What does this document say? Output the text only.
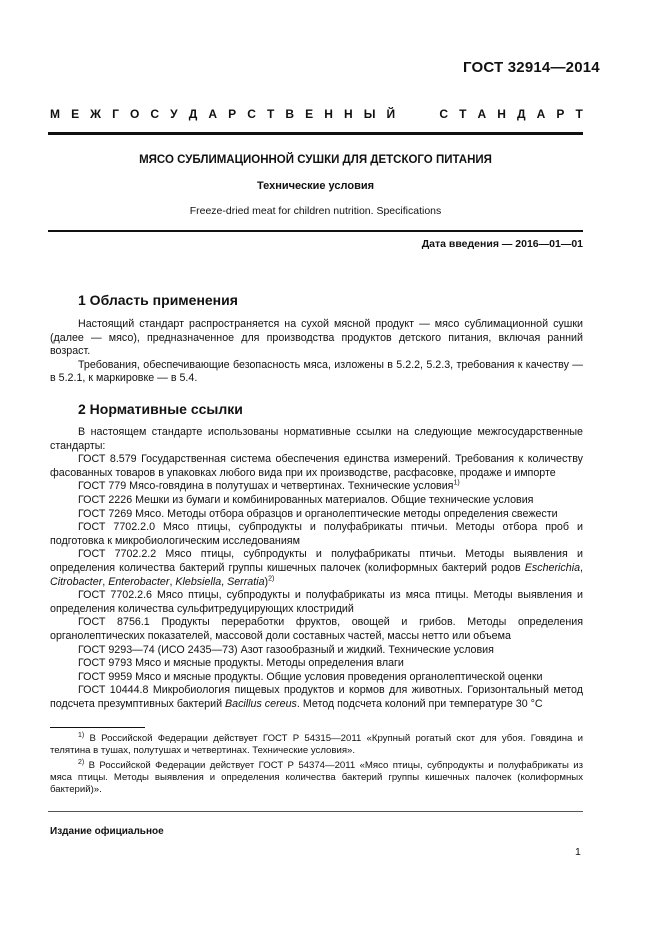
ГОСТ 32914—2014
М Е Ж Г О С У Д А Р С Т В Е Н Н Ы Й	С Т А Н Д А Р Т
МЯСО СУБЛИМАЦИОННОЙ СУШКИ ДЛЯ ДЕТСКОГО ПИТАНИЯ
Технические условия
Freeze-dried meat for children nutrition. Specifications
Дата введения — 2016—01—01
1 Область применения

Настоящий стандарт распространяется на сухой мясной продукт — мясо сублимационной сушки (далее — мясо), предназначенное для производства продуктов детского питания, включая ранний возраст.

Требования, обеспечивающие безопасность мяса, изложены в 5.2.2, 5.2.3, требования к качеству — в 5.2.1, к маркировке — в 5.4.

2 Нормативные ссылки

В настоящем стандарте использованы нормативные ссылки на следующие межгосударственные стандарты:

ГОСТ 8.579 Государственная система обеспечения единства измерений. Требования к количеству фасованных товаров в упаковках любого вида при их производстве, расфасовке, продаже и импорте

ГОСТ 779 Мясо-говядина в полутушах и четвертинах. Технические условия$^{1)}$

ГОСТ 2226 Мешки из бумаги и комбинированных материалов. Общие технические условия

ГОСТ 7269 Мясо. Методы отбора образцов и органолептические методы определения свежести

ГОСТ 7702.2.0 Мясо птицы, субпродукты и полуфабрикаты птичьи. Методы отбора проб и подготовка к микробиологическим исследованиям

ГОСТ 7702.2.2 Мясо птицы, субпродукты и полуфабрикаты птичьи. Методы выявления и определения количества бактерий группы кишечных палочек (колиформных бактерий родов Escherichia, Citrobacter, Enterobacter, Klebsiella, Serratia)$^{2)}$

ГОСТ 7702.2.6 Мясо птицы, субпродукты и полуфабрикаты из мяса птицы. Методы выявления и определения количества сульфитредуцирующих клостридий

ГОСТ 8756.1 Продукты переработки фруктов, овощей и грибов. Методы определения органолептических показателей, массовой доли составных частей, массы нетто или объема

ГОСТ 9293—74 (ИСО 2435—73) Азот газообразный и жидкий. Технические условия

ГОСТ 9793 Мясо и мясные продукты. Методы определения влаги

ГОСТ 9959 Мясо и мясные продукты. Общие условия проведения органолептической оценки

ГОСТ 10444.8 Микробиология пищевых продуктов и кормов для животных. Горизонтальный метод подсчета презумптивных бактерий Bacillus cereus. Метод подсчета колоний при температуре 30 °С

$^{1)}$ В Российской Федерации действует ГОСТ Р 54315—2011 «Крупный рогатый скот для убоя. Говядина и телятина в тушах, полутушах и четвертинах. Технические условия».

$^{2)}$ В Российской Федерации действует ГОСТ Р 54374—2011 «Мясо птицы, субпродукты и полуфабрикаты из мяса птицы. Методы выявления и определения количества бактерий группы кишечных палочек (колиформных бактерий)».

Издание официальное
1
